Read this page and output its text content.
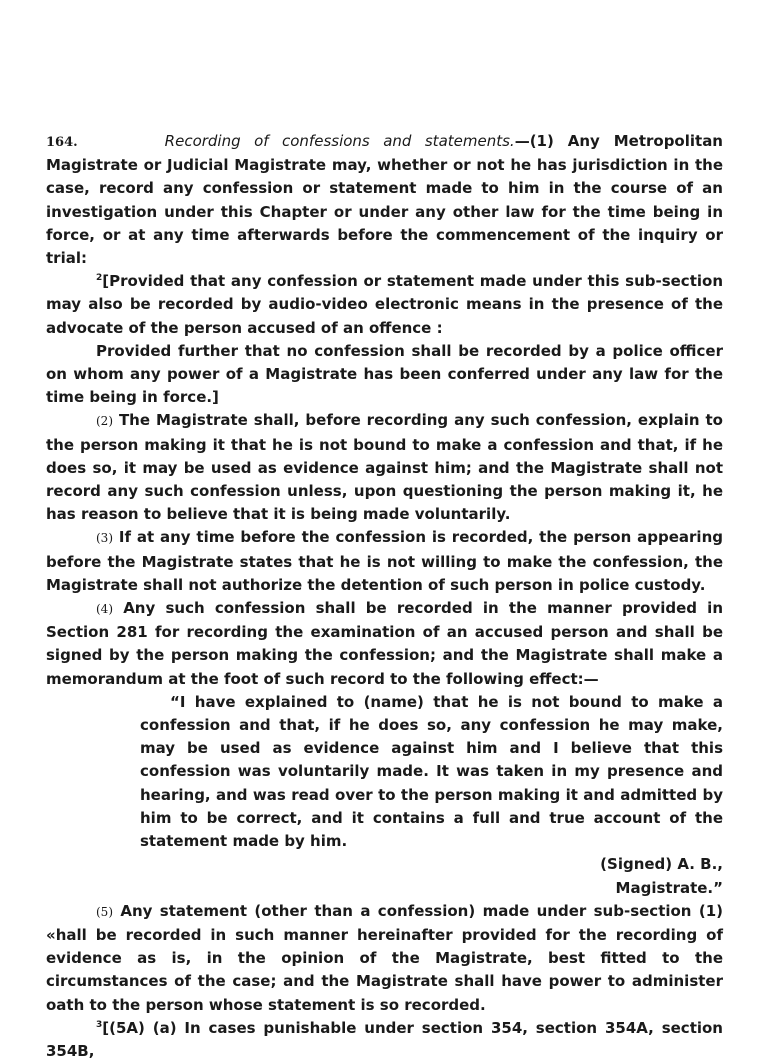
164.	Recording of confessions and statements.—(1) Any Metropolitan Magistrate or Judicial Magistrate may, whether or not he has jurisdiction in the case, record any confession or statement made to him in the course of an investigation under this Chapter or under any other law for the time being in force, or at any time afterwards before the commencement of the inquiry or trial:

$^2$[Provided that any confession or statement made under this sub-section may also be recorded by audio-video electronic means in the presence of the advocate of the person accused of an offence :

Provided further that no confession shall be recorded by a police officer on whom any power of a Magistrate has been conferred under any law for the time being in force.]

(2) The Magistrate shall, before recording any such confession, explain to the person making it that he is not bound to make a confession and that, if he does so, it may be used as evidence against him; and the Magistrate shall not record any such confession unless, upon questioning the person making it, he has reason to believe that it is being made voluntarily.

(3) If at any time before the confession is recorded, the person appearing before the Magistrate states that he is not willing to make the confession, the Magistrate shall not authorize the detention of such person in police custody.

(4) Any such confession shall be recorded in the manner provided in Section 281 for recording the examination of an accused person and shall be signed by the person making the confession; and the Magistrate shall make a memorandum at the foot of such record to the following effect:—

“I have explained to (name) that he is not bound to make a confession and that, if he does so, any confession he may make, may be used as evidence against him and I believe that this confession was voluntarily made. It was taken in my presence and hearing, and was read over to the person making it and admitted by him to be correct, and it contains a full and true account of the statement made by him.

(Signed) A. B.,

Magistrate.”

(5) Any statement (other than a confession) made under sub-section (1) «hall be recorded in such manner hereinafter provided for the recording of evidence as is, in the opinion of the Magistrate, best fitted to the circumstances of the case; and the Magistrate shall have power to administer oath to the person whose statement is so recorded.

$^3$[(5A) (a) In cases punishable under section 354, section 354A, section 354B,
